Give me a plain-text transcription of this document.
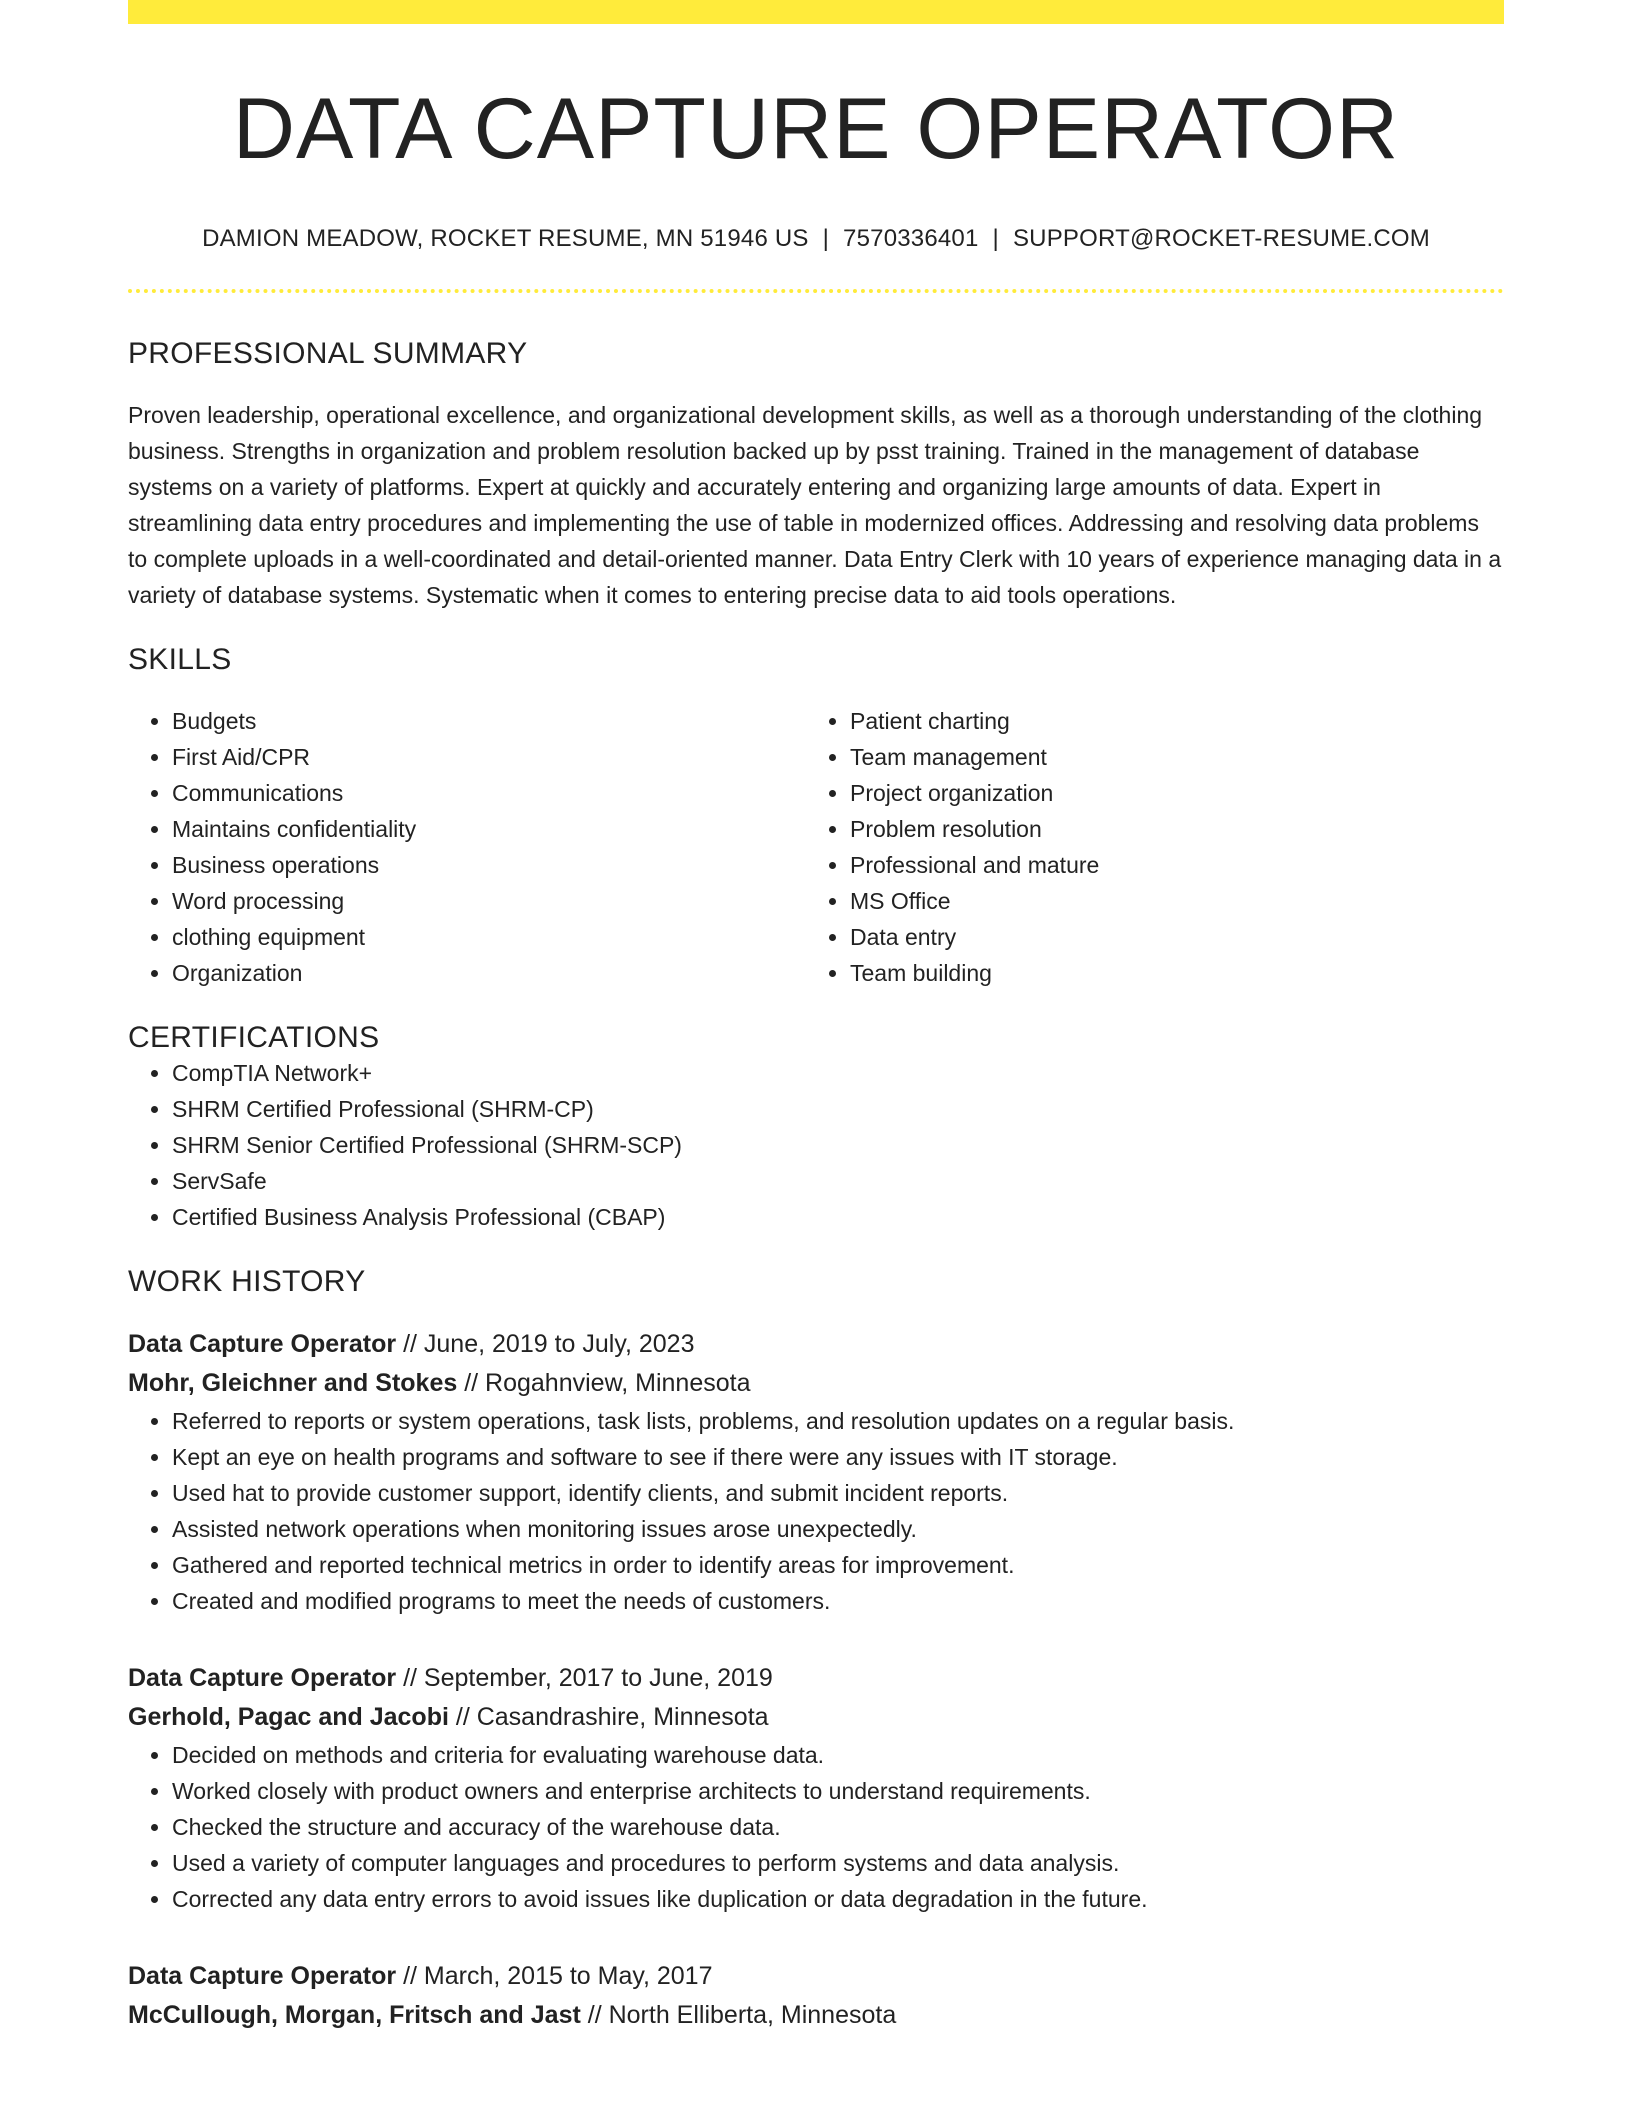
DATA CAPTURE OPERATOR
DAMION MEADOW, ROCKET RESUME, MN 51946 US | 7570336401 | SUPPORT@ROCKET-RESUME.COM
PROFESSIONAL SUMMARY
Proven leadership, operational excellence, and organizational development skills, as well as a thorough understanding of the clothing business. Strengths in organization and problem resolution backed up by psst training. Trained in the management of database systems on a variety of platforms. Expert at quickly and accurately entering and organizing large amounts of data. Expert in streamlining data entry procedures and implementing the use of table in modernized offices. Addressing and resolving data problems to complete uploads in a well-coordinated and detail-oriented manner. Data Entry Clerk with 10 years of experience managing data in a variety of database systems. Systematic when it comes to entering precise data to aid tools operations.
SKILLS
• Budgets
• First Aid/CPR
• Communications
• Maintains confidentiality
• Business operations
• Word processing
• clothing equipment
• Organization
• Patient charting
• Team management
• Project organization
• Problem resolution
• Professional and mature
• MS Office
• Data entry
• Team building
CERTIFICATIONS
• CompTIA Network+
• SHRM Certified Professional (SHRM-CP)
• SHRM Senior Certified Professional (SHRM-SCP)
• ServSafe
• Certified Business Analysis Professional (CBAP)
WORK HISTORY
Data Capture Operator // June, 2019 to July, 2023
Mohr, Gleichner and Stokes // Rogahnview, Minnesota
• Referred to reports or system operations, task lists, problems, and resolution updates on a regular basis.
• Kept an eye on health programs and software to see if there were any issues with IT storage.
• Used hat to provide customer support, identify clients, and submit incident reports.
• Assisted network operations when monitoring issues arose unexpectedly.
• Gathered and reported technical metrics in order to identify areas for improvement.
• Created and modified programs to meet the needs of customers.
Data Capture Operator // September, 2017 to June, 2019
Gerhold, Pagac and Jacobi // Casandrashire, Minnesota
• Decided on methods and criteria for evaluating warehouse data.
• Worked closely with product owners and enterprise architects to understand requirements.
• Checked the structure and accuracy of the warehouse data.
• Used a variety of computer languages and procedures to perform systems and data analysis.
• Corrected any data entry errors to avoid issues like duplication or data degradation in the future.
Data Capture Operator // March, 2015 to May, 2017
McCullough, Morgan, Fritsch and Jast // North Elliberta, Minnesota
